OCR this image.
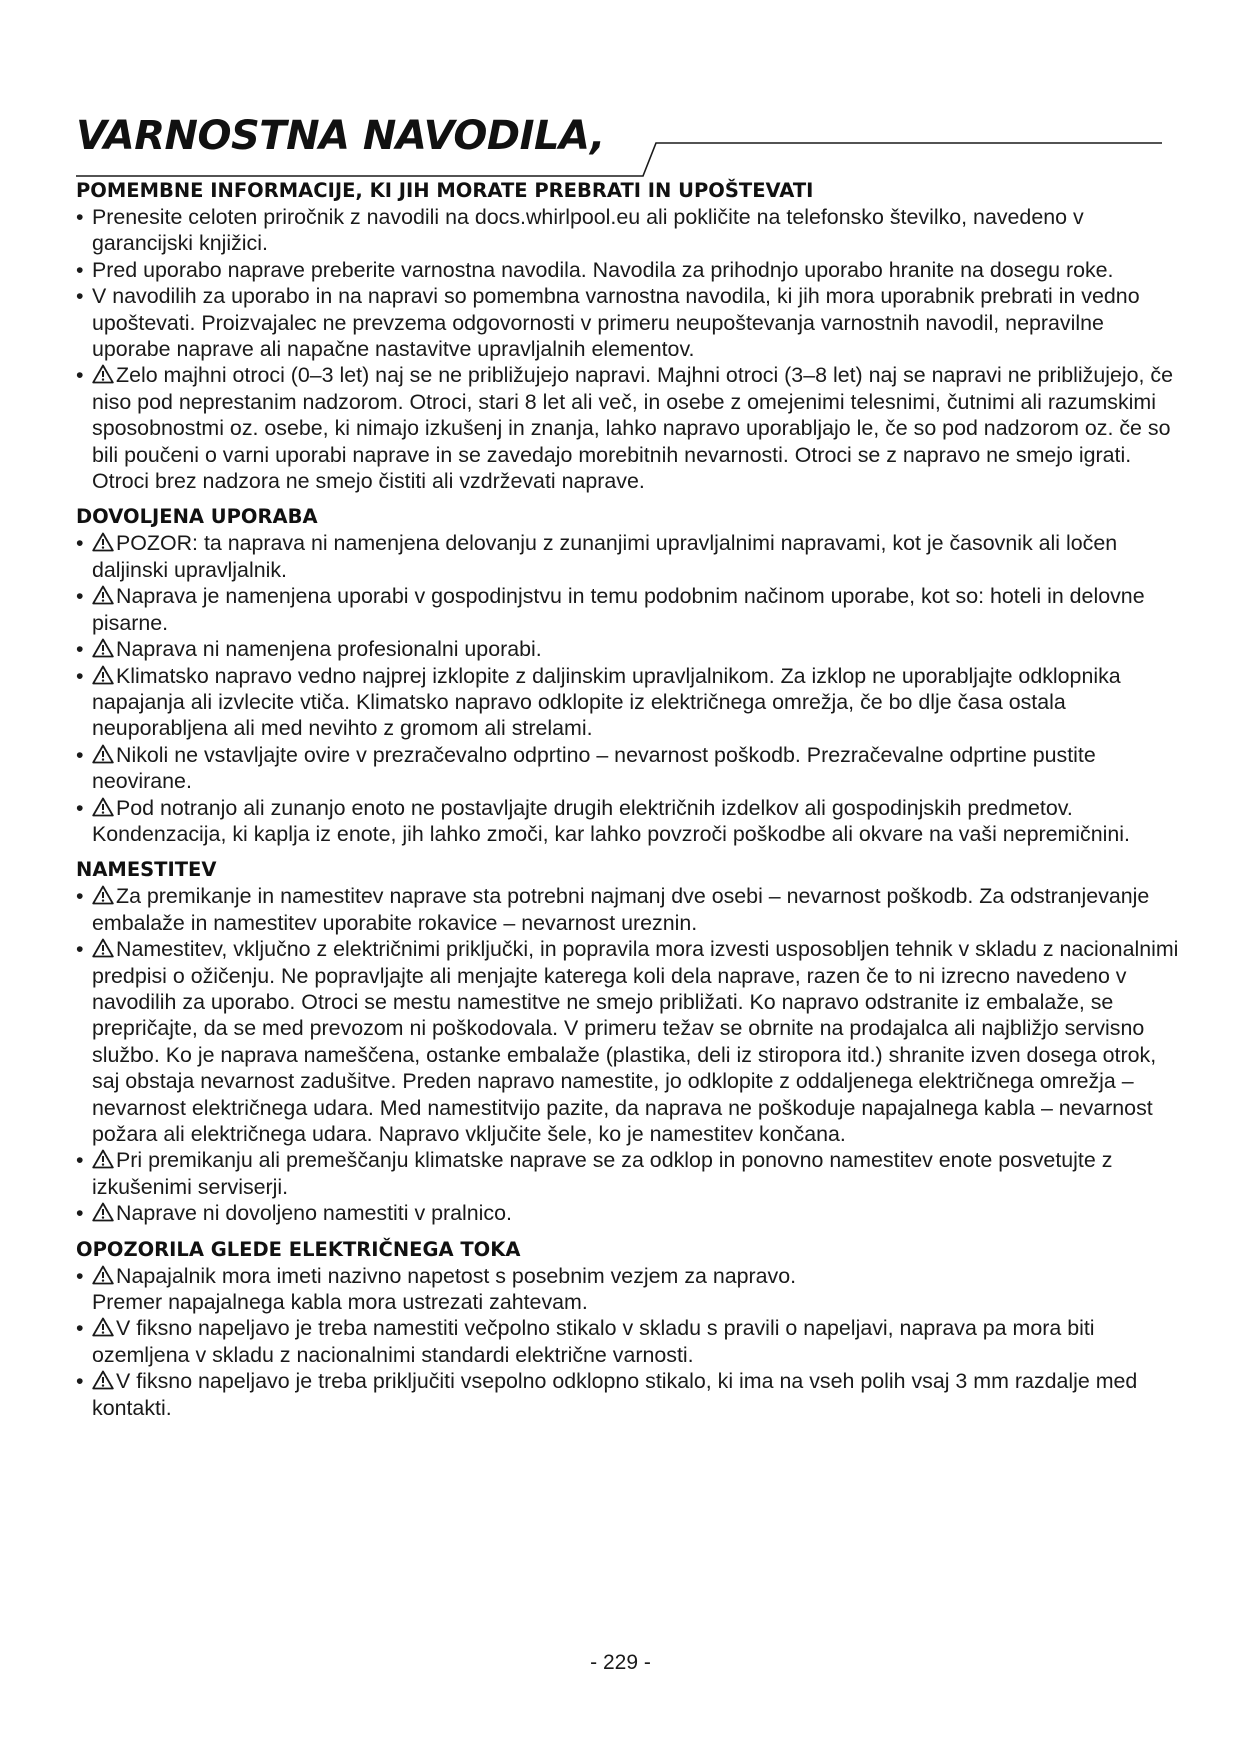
VARNOSTNA NAVODILA,
POMEMBNE INFORMACIJE, KI JIH MORATE PREBRATI IN UPOŠTEVATI
• Prenesite celoten priročnik z navodili na docs.whirlpool.eu ali pokličite na telefonsko številko, navedeno v garancijski knjižici.
• Pred uporabo naprave preberite varnostna navodila. Navodila za prihodnjo uporabo hranite na dosegu roke.
• V navodilih za uporabo in na napravi so pomembna varnostna navodila, ki jih mora uporabnik prebrati in vedno upoštevati. Proizvajalec ne prevzema odgovornosti v primeru neupoštevanja varnostnih navodil, nepravilne uporabe naprave ali napačne nastavitve upravljalnih elementov.
• Zelo majhni otroci (0–3 let) naj se ne približujejo napravi. Majhni otroci (3–8 let) naj se napravi ne približujejo, če niso pod neprestanim nadzorom. Otroci, stari 8 let ali več, in osebe z omejenimi telesnimi, čutnimi ali razumskimi sposobnostmi oz. osebe, ki nimajo izkušenj in znanja, lahko napravo uporabljajo le, če so pod nadzorom oz. če so bili poučeni o varni uporabi naprave in se zavedajo morebitnih nevarnosti. Otroci se z napravo ne smejo igrati. Otroci brez nadzora ne smejo čistiti ali vzdrževati naprave.
DOVOLJENA UPORABA
• POZOR: ta naprava ni namenjena delovanju z zunanjimi upravljalnimi napravami, kot je časovnik ali ločen daljinski upravljalnik.
• Naprava je namenjena uporabi v gospodinjstvu in temu podobnim načinom uporabe, kot so: hoteli in delovne pisarne.
• Naprava ni namenjena profesionalni uporabi.
• Klimatsko napravo vedno najprej izklopite z daljinskim upravljalnikom. Za izklop ne uporabljajte odklopnika napajanja ali izvlecite vtiča. Klimatsko napravo odklopite iz električnega omrežja, če bo dlje časa ostala neuporabljena ali med nevihto z gromom ali strelami.
• Nikoli ne vstavljajte ovire v prezračevalno odprtino – nevarnost poškodb. Prezračevalne odprtine pustite neovirane.
• Pod notranjo ali zunanjo enoto ne postavljajte drugih električnih izdelkov ali gospodinjskih predmetov. Kondenzacija, ki kaplja iz enote, jih lahko zmoči, kar lahko povzroči poškodbe ali okvare na vaši nepremičnini.
NAMESTITEV
• Za premikanje in namestitev naprave sta potrebni najmanj dve osebi – nevarnost poškodb. Za odstranjevanje embalaže in namestitev uporabite rokavice – nevarnost ureznin.
• Namestitev, vključno z električnimi priključki, in popravila mora izvesti usposobljen tehnik v skladu z nacionalnimi predpisi o ožičenju. Ne popravljajte ali menjajte katerega koli dela naprave, razen če to ni izrecno navedeno v navodilih za uporabo. Otroci se mestu namestitve ne smejo približati. Ko napravo odstranite iz embalaže, se prepričajte, da se med prevozom ni poškodovala. V primeru težav se obrnite na prodajalca ali najbližjo servisno službo. Ko je naprava nameščena, ostanke embalaže (plastika, deli iz stiropora itd.) shranite izven dosega otrok, saj obstaja nevarnost zadušitve. Preden napravo namestite, jo odklopite z oddaljenega električnega omrežja – nevarnost električnega udara. Med namestitvijo pazite, da naprava ne poškoduje napajalnega kabla – nevarnost požara ali električnega udara. Napravo vključite šele, ko je namestitev končana.
• Pri premikanju ali premeščanju klimatske naprave se za odklop in ponovno namestitev enote posvetujte z izkušenimi serviserji.
• Naprave ni dovoljeno namestiti v pralnico.
OPOZORILA GLEDE ELEKTRIČNEGA TOKA
• Napajalnik mora imeti nazivno napetost s posebnim vezjem za napravo.
Premer napajalnega kabla mora ustrezati zahtevam.
• V fiksno napeljavo je treba namestiti večpolno stikalo v skladu s pravili o napeljavi, naprava pa mora biti ozemljena v skladu z nacionalnimi standardi električne varnosti.
• V fiksno napeljavo je treba priključiti vsepolno odklopno stikalo, ki ima na vseh polih vsaj 3 mm razdalje med kontakti.
- 229 -
